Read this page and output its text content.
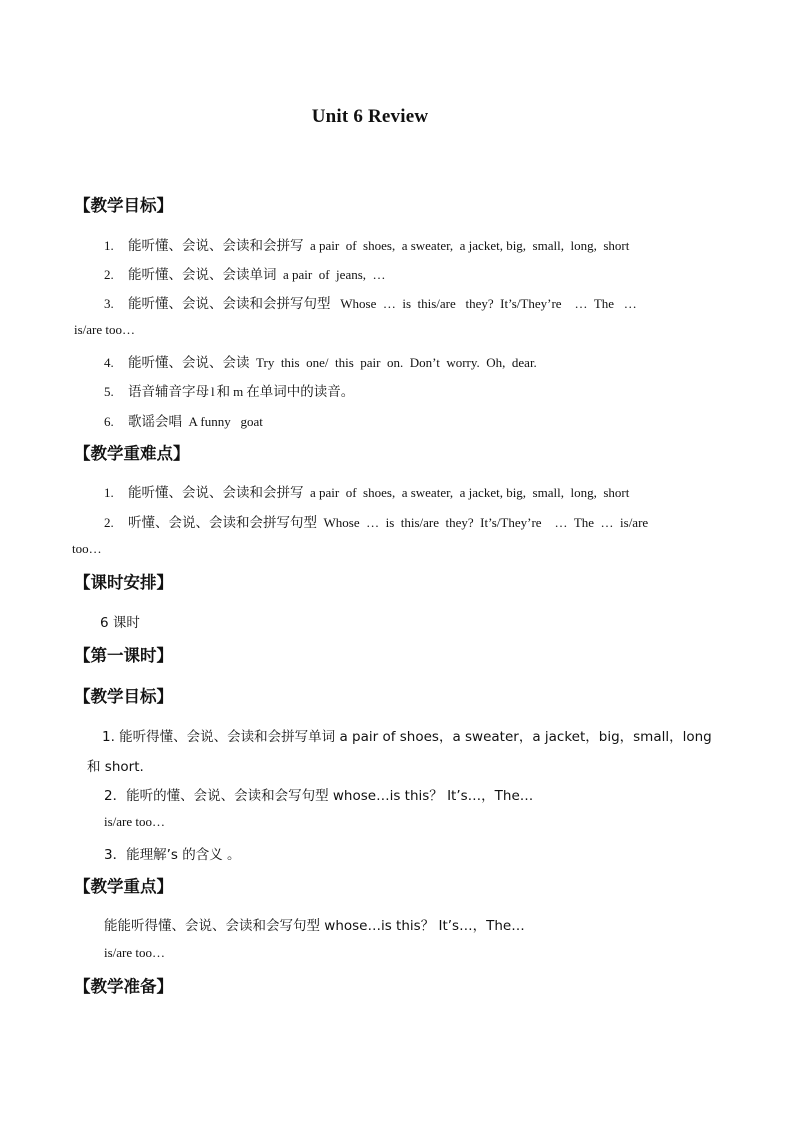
Unit 6 Review
【教学目标】
1. 能听懂、会说、会读和会拼写  a pair  of  shoes,  a sweater,  a jacket, big,  small,  long,  short
2. 能听懂、会说、会读单词  a pair  of  jeans,  …
3. 能听懂、会说、会读和会拼写句型   Whose  …  is  this/are   they?  It’s/They’re    …  The   …
is/are too…
4. 能听懂、会说、会读  Try  this  one/  this  pair  on.  Don’t  worry.  Oh,  dear.
5. 语音辅音字母 l 和 m 在单词中的读音。
6. 歌谣会唱  A funny   goat
【教学重难点】
1. 能听懂、会说、会读和会拼写  a pair  of  shoes,  a sweater,  a jacket, big,  small,  long,  short
2. 听懂、会说、会读和会拼写句型  Whose  …  is  this/are  they?  It’s/They’re    …  The  …  is/are
too…
【课时安排】
6 课时
【第一课时】
【教学目标】
1. 能听得懂、会说、会读和会拼写单词 a pair of shoes，a sweater，a jacket，big，small，long
和 short.
2．能听的懂、会说、会读和会写句型 whose…is this？ It’s…，The…
is/are too…
3．能理解’s 的含义 。
【教学重点】
能能听得懂、会说、会读和会写句型 whose…is this？ It’s…，The…
is/are too…
【教学准备】
